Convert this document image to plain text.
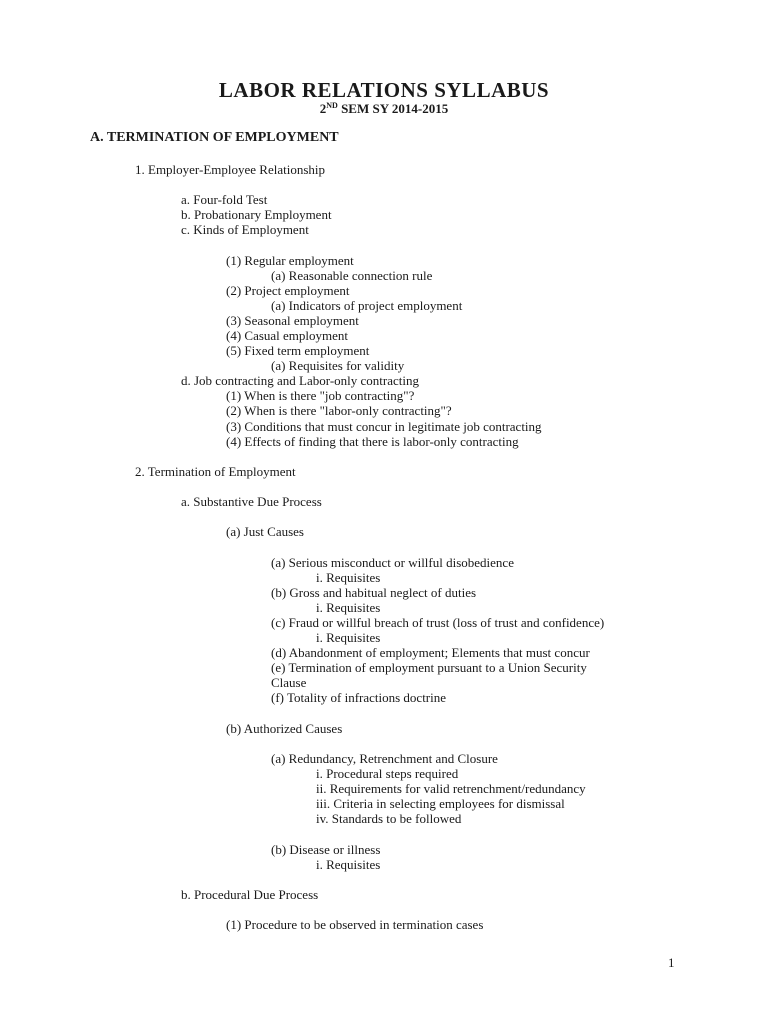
LABOR RELATIONS SYLLABUS
2ND SEM SY 2014-2015
A. TERMINATION OF EMPLOYMENT
1. Employer-Employee Relationship
a. Four-fold Test
b. Probationary Employment
c. Kinds of Employment
(1) Regular employment
(a) Reasonable connection rule
(2) Project employment
(a) Indicators of project employment
(3) Seasonal employment
(4) Casual employment
(5) Fixed term employment
(a) Requisites for validity
d. Job contracting and Labor-only contracting
(1) When is there "job contracting"?
(2) When is there "labor-only contracting"?
(3) Conditions that must concur in legitimate job contracting
(4) Effects of finding that there is labor-only contracting
2. Termination of Employment
a. Substantive Due Process
(a) Just Causes
(a) Serious misconduct or willful disobedience
i. Requisites
(b) Gross and habitual neglect of duties
i. Requisites
(c) Fraud or willful breach of trust (loss of trust and confidence)
i. Requisites
(d) Abandonment of employment; Elements that must concur
(e) Termination of employment pursuant to a Union Security
Clause
(f) Totality of infractions doctrine
(b) Authorized Causes
(a) Redundancy, Retrenchment and Closure
i. Procedural steps required
ii. Requirements for valid retrenchment/redundancy
iii. Criteria in selecting employees for dismissal
iv. Standards to be followed
(b) Disease or illness
i. Requisites
b. Procedural Due Process
(1) Procedure to be observed in termination cases
1
